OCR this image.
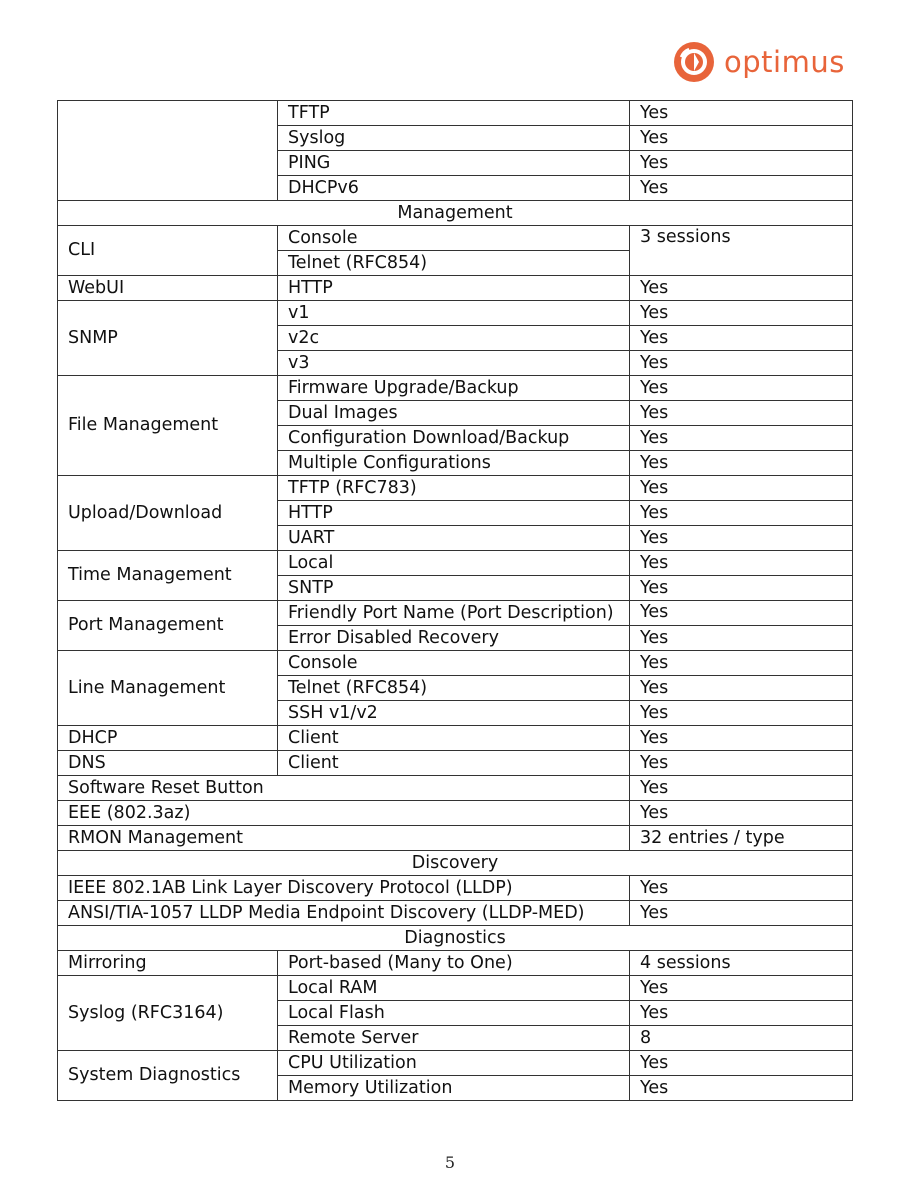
optimus
	TFTP	Yes
	Syslog	Yes
	PING	Yes
	DHCPv6	Yes
Management		
CLI	Console	3 sessions
	Telnet (RFC854)	
WebUI	HTTP	Yes
SNMP	v1	Yes
	v2c	Yes
	v3	Yes
File Management	Firmware Upgrade/Backup	Yes
	Dual Images	Yes
	Configuration Download/Backup	Yes
	Multiple Configurations	Yes
Upload/Download	TFTP (RFC783)	Yes
	HTTP	Yes
	UART	Yes
Time Management	Local	Yes
	SNTP	Yes
Port Management	Friendly Port Name (Port Description)	Yes
	Error Disabled Recovery	Yes
Line Management	Console	Yes
	Telnet (RFC854)	Yes
	SSH v1/v2	Yes
DHCP	Client	Yes
DNS	Client	Yes
Software Reset Button		Yes
EEE (802.3az)		Yes
RMON Management		32 entries / type
Discovery		
IEEE 802.1AB Link Layer Discovery Protocol (LLDP)		Yes
ANSI/TIA-1057 LLDP Media Endpoint Discovery (LLDP-MED)		Yes
Diagnostics		
Mirroring	Port-based (Many to One)	4 sessions
Syslog (RFC3164)	Local RAM	Yes
	Local Flash	Yes
	Remote Server	8
System Diagnostics	CPU Utilization	Yes
	Memory Utilization	Yes
5
